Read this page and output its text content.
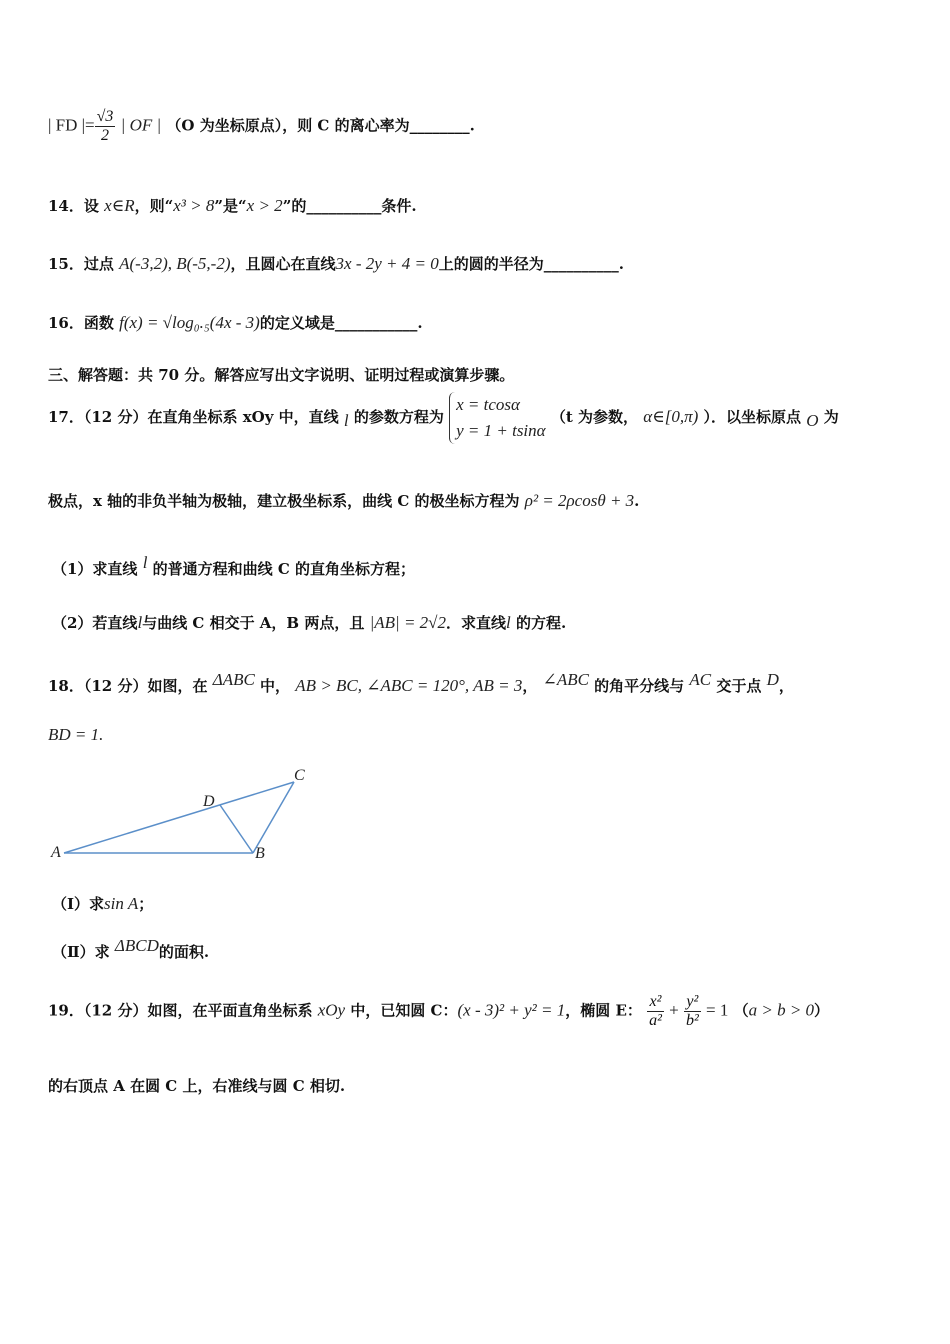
| FD |= $\frac{√3}{2}$ | OF | （O 为坐标原点），则 C 的离心率为________.
14．设 x∈R，则“x³ > 8”是“x > 2”的__________条件.
15．过点 A(-3,2), B(-5,-2)，且圆心在直线3x - 2y + 4 = 0上的圆的半径为__________.
16．函数 f(x) = √log₀.₅(4x - 3)的定义域是___________.
三、解答题：共 70 分。解答应写出文字说明、证明过程或演算步骤。
17．（12 分）在直角坐标系 xOy 中，直线 l 的参数方程为
x = tcosα
y = 1 + tsinα
（t 为参数， α∈[0,π) ）．以坐标原点 O 为
极点，x 轴的非负半轴为极轴，建立极坐标系，曲线 C 的极坐标方程为 ρ² = 2ρcosθ + 3.
（1）求直线 l 的普通方程和曲线 C 的直角坐标方程；
（2）若直线l与曲线 C 相交于 A，B 两点，且 |AB| = 2√2．求直线l 的方程.
18．（12 分）如图，在 ΔABC 中， AB > BC, ∠ABC = 120°, AB = 3， ∠ABC 的角平分线与 AC 交于点 D，
BD = 1.
A	B
C
D
（Ⅰ）求sin A；
（Ⅱ）求 ΔBCD的面积.
19．（12 分）如图，在平面直角坐标系 xOy 中，已知圆 C：(x - 3)² + y² = 1，椭圆 E： $\frac{\text{x²}}{\text{a²}} + \frac{\text{y²}}{\text{b²}} = 1$ （a > b > 0）
的右顶点 A 在圆 C 上，右准线与圆 C 相切.
